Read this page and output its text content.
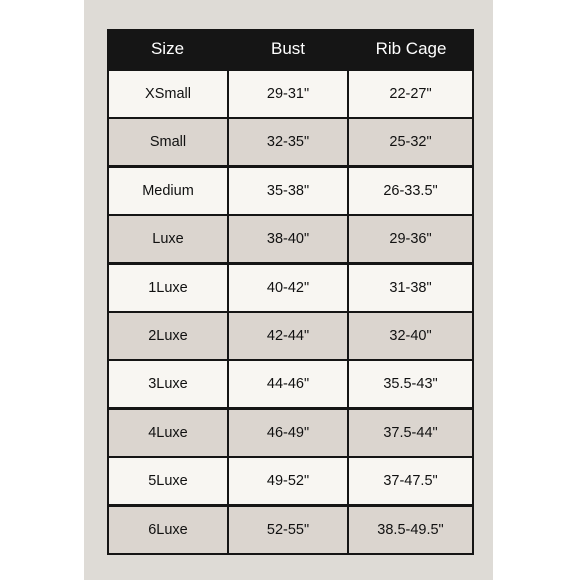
Size	Bust	Rib Cage
XSmall	29-31"	22-27"
Small	32-35"	25-32"
Medium	35-38"	26-33.5"
Luxe	38-40"	29-36"
1Luxe	40-42"	31-38"
2Luxe	42-44"	32-40"
3Luxe	44-46"	35.5-43"
4Luxe	46-49"	37.5-44"
5Luxe	49-52"	37-47.5"
6Luxe	52-55"	38.5-49.5"
